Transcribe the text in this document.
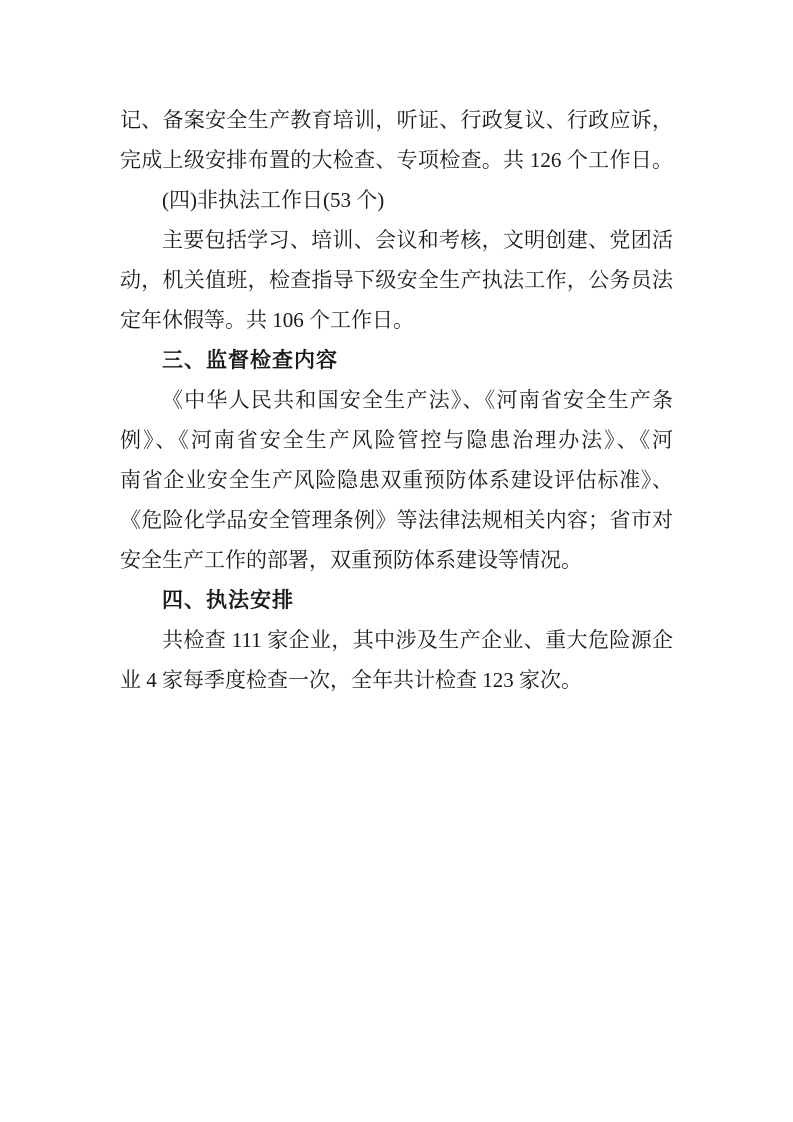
记、备案安全生产教育培训，听证、行政复议、行政应诉，
完成上级安排布置的大检查、专项检查。共 126 个工作日。
(四)非执法工作日(53 个)
主要包括学习、培训、会议和考核，文明创建、党团活
动，机关值班，检查指导下级安全生产执法工作，公务员法
定年休假等。共 106 个工作日。
三、监督检查内容
《中华人民共和国安全生产法》、《河南省安全生产条
例》、《河南省安全生产风险管控与隐患治理办法》、《河
南省企业安全生产风险隐患双重预防体系建设评估标准》、
《危险化学品安全管理条例》等法律法规相关内容；省市对
安全生产工作的部署，双重预防体系建设等情况。
四、执法安排
共检查 111 家企业，其中涉及生产企业、重大危险源企
业 4 家每季度检查一次，全年共计检查 123 家次。
